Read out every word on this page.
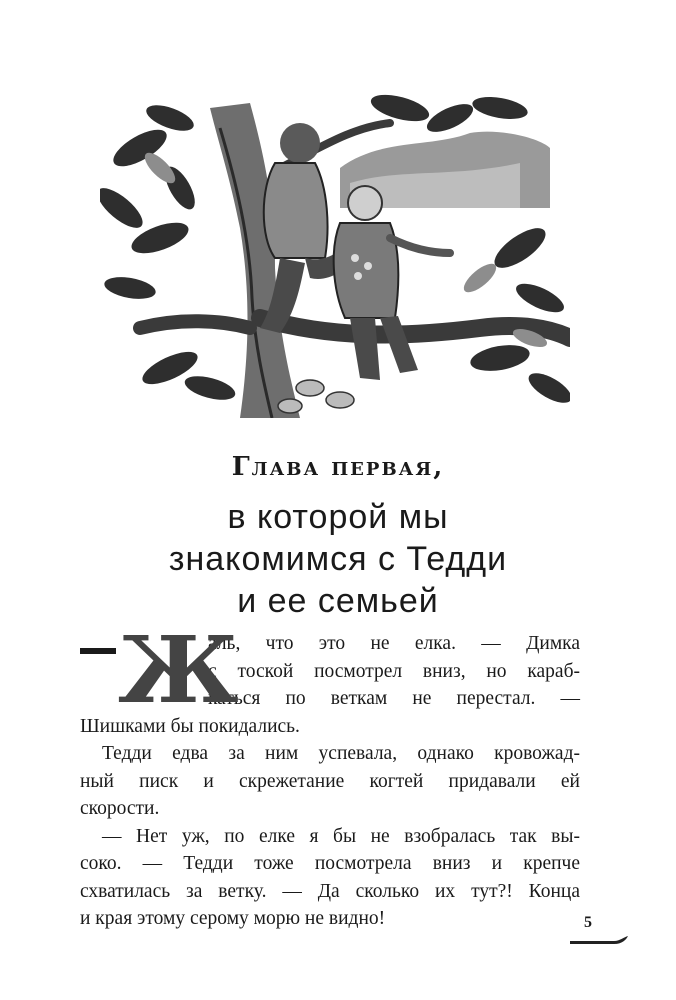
Глава первая,
в которой мы
знакомимся с Тедди
и ее семьей
Ж
аль, что это не елка. — Димка
с тоской посмотрел вниз, но караб-
каться по веткам не перестал. —
Шишками бы покидались.
Тедди едва за ним успевала, однако кровожад-
ный писк и скрежетание когтей придавали ей
скорости.
— Нет уж, по елке я бы не взобралась так вы-
соко. — Тедди тоже посмотрела вниз и крепче
схватилась за ветку. — Да сколько их тут?! Конца
и края этому серому морю не видно!	5
